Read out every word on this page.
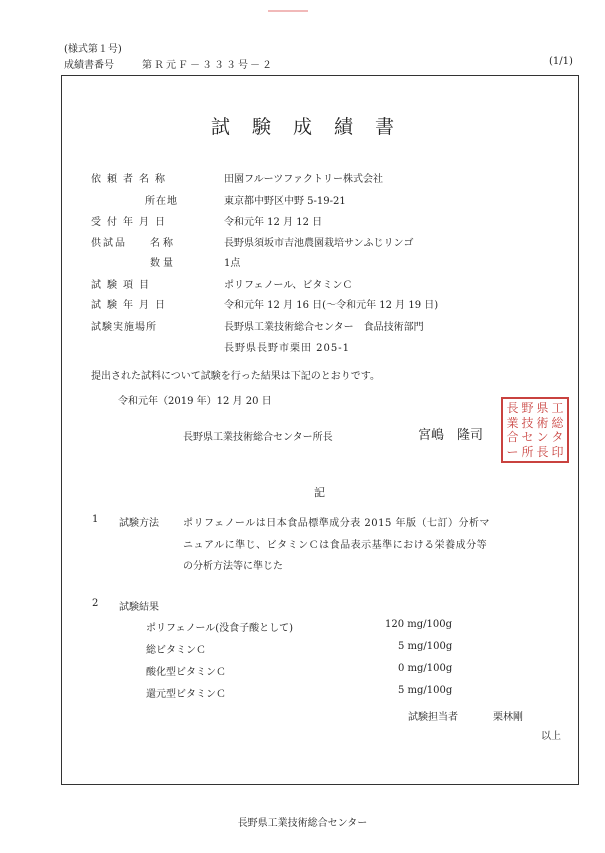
(様式第１号)
成績書番号	第Ｒ元Ｆ－３３３号－２	(1/1)
試験成績書
依頼者名称	田園フルーツファクトリー株式会社
所在地	東京都中野区中野 5-19-21
受付年月日	令和元年 12 月 12 日
供試品 名称	長野県須坂市吉池農園栽培サンふじリンゴ
数量	1点
試験項目	ポリフェノール、ビタミンＣ
試験年月日	令和元年 12 月 16 日(～令和元年 12 月 19 日)
試験実施場所	長野県工業技術総合センター　食品技術部門
長野県長野市栗田 205-1
提出された試料について試験を行った結果は下記のとおりです。
令和元年（2019 年）12 月 20 日
長野県工業技術総合センター所長	宮嶋　隆司
長 野 県 工
業 技 術 総
合 セ ン タ
ー 所 長 印
記
1 試験方法 ポリフェノールは日本食品標準成分表 2015 年版（七訂）分析マ
ニュアルに準じ、ビタミンＣは食品表示基準における栄養成分等
の分析方法等に準じた
2 試験結果
ポリフェノール(没食子酸として)	120 mg/100g
総ビタミンＣ	5 mg/100g
酸化型ビタミンＣ	0 mg/100g
還元型ビタミンＣ	5 mg/100g
試験担当者	栗林剛
以上
長野県工業技術総合センター
